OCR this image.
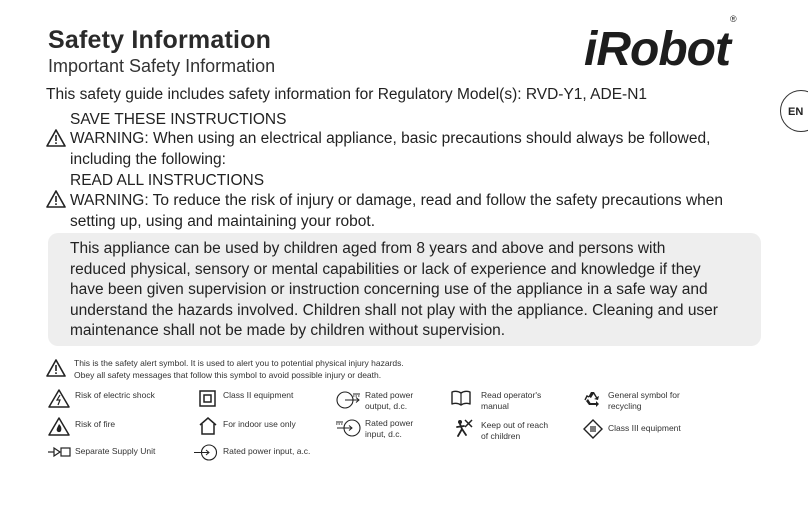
Safety Information
Important Safety Information	iRobot®
EN
This safety guide includes safety information for Regulatory Model(s): RVD-Y1, ADE-N1
SAVE THESE INSTRUCTIONS
WARNING: When using an electrical appliance, basic precautions should always be followed,
including the following:
READ ALL INSTRUCTIONS
WARNING: To reduce the risk of injury or damage, read and follow the safety precautions when
setting up, using and maintaining your robot.
This appliance can be used by children aged from 8 years and above and persons with
reduced physical, sensory or mental capabilities or lack of experience and knowledge if they
have been given supervision or instruction concerning use of the appliance in a safe way and
understand the hazards involved. Children shall not play with the appliance. Cleaning and user
maintenance shall not be made by children without supervision.
This is the safety alert symbol. It is used to alert you to potential physical injury hazards.
Obey all safety messages that follow this symbol to avoid possible injury or death.
Risk of electric shock
Risk of fire
Separate Supply Unit
Class II equipment
For indoor use only
Rated power input, a.c.
Rated power
output, d.c.
Rated power
input, d.c.
Read operator's
manual
Keep out of reach
of children
General symbol for
recycling
Class III equipment
